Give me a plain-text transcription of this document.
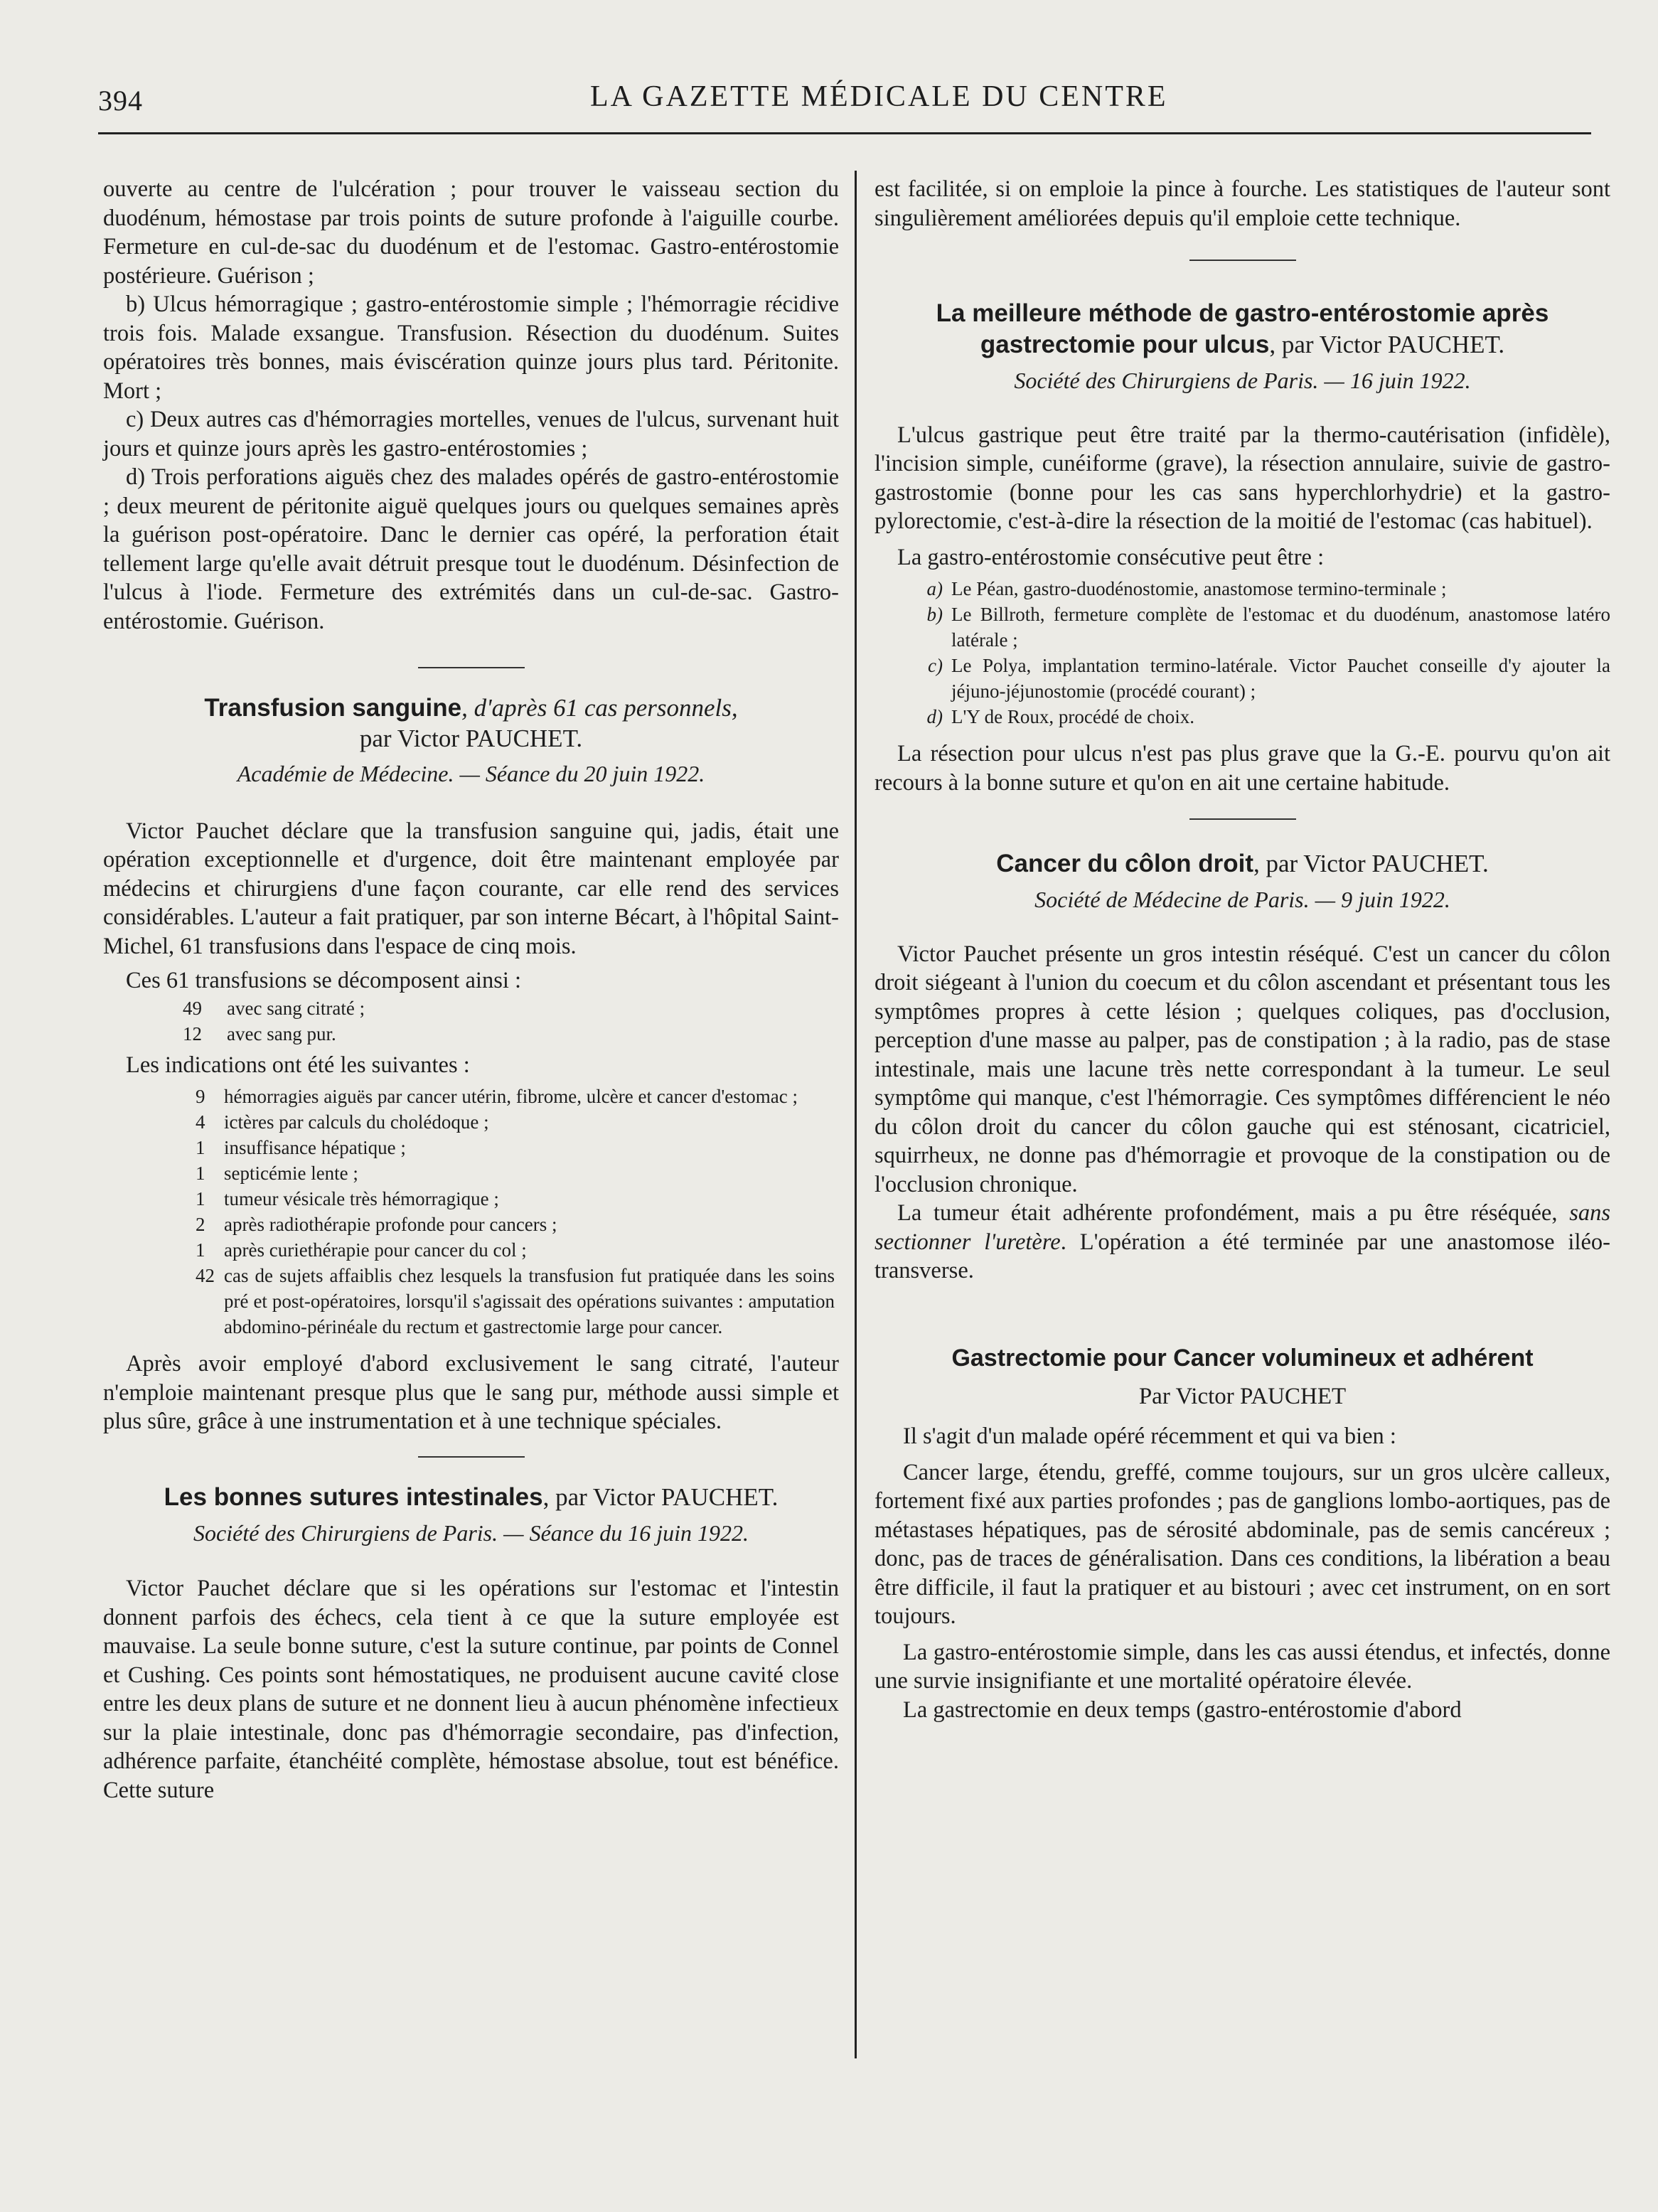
394	LA GAZETTE MÉDICALE DU CENTRE

ouverte au centre de l'ulcération ; pour trouver le vaisseau section du duodénum, hémostase par trois points de suture profonde à l'aiguille courbe. Fermeture en cul-de-sac du duodénum et de l'estomac. Gastro-entérostomie postérieure. Guérison ;

b) Ulcus hémorragique ; gastro-entérostomie simple ; l'hémorragie récidive trois fois. Malade exsangue. Transfusion. Résection du duodénum. Suites opératoires très bonnes, mais éviscération quinze jours plus tard. Péritonite. Mort ;

c) Deux autres cas d'hémorragies mortelles, venues de l'ulcus, survenant huit jours et quinze jours après les gastro-entérostomies ;

d) Trois perforations aiguës chez des malades opérés de gastro-entérostomie ; deux meurent de péritonite aiguë quelques jours ou quelques semaines après la guérison post-opératoire. Danc le dernier cas opéré, la perforation était tellement large qu'elle avait détruit presque tout le duodénum. Désinfection de l'ulcus à l'iode. Fermeture des extrémités dans un cul-de-sac. Gastro-entérostomie. Guérison.

Transfusion sanguine, d'après 61 cas personnels,
par Victor PAUCHET.
Académie de Médecine. — Séance du 20 juin 1922.

Victor Pauchet déclare que la transfusion sanguine qui, jadis, était une opération exceptionnelle et d'urgence, doit être maintenant employée par médecins et chirurgiens d'une façon courante, car elle rend des services considérables. L'auteur a fait pratiquer, par son interne Bécart, à l'hôpital Saint-Michel, 61 transfusions dans l'espace de cinq mois.

Ces 61 transfusions se décomposent ainsi :

49	avec sang citraté ;
12	avec sang pur.

Les indications ont été les suivantes :

9 hémorragies aiguës par cancer utérin, fibrome, ulcère et cancer d'estomac ;
4 ictères par calculs du cholédoque ;
1 insuffisance hépatique ;
1 septicémie lente ;
1 tumeur vésicale très hémorragique ;
2 après radiothérapie profonde pour cancers ;
1 après curiethérapie pour cancer du col ;
42 cas de sujets affaiblis chez lesquels la transfusion fut pratiquée dans les soins pré et post-opératoires, lorsqu'il s'agissait des opérations suivantes : amputation abdomino-périnéale du rectum et gastrectomie large pour cancer.

Après avoir employé d'abord exclusivement le sang citraté, l'auteur n'emploie maintenant presque plus que le sang pur, méthode aussi simple et plus sûre, grâce à une instrumentation et à une technique spéciales.

Les bonnes sutures intestinales, par Victor PAUCHET.
Société des Chirurgiens de Paris. — Séance du 16 juin 1922.

Victor Pauchet déclare que si les opérations sur l'estomac et l'intestin donnent parfois des échecs, cela tient à ce que la suture employée est mauvaise. La seule bonne suture, c'est la suture continue, par points de Connel et Cushing. Ces points sont hémostatiques, ne produisent aucune cavité close entre les deux plans de suture et ne donnent lieu à aucun phénomène infectieux sur la plaie intestinale, donc pas d'hémorragie secondaire, pas d'infection, adhérence parfaite, étanchéité complète, hémostase absolue, tout est bénéfice. Cette suture

est facilitée, si on emploie la pince à fourche. Les statistiques de l'auteur sont singulièrement améliorées depuis qu'il emploie cette technique.

La meilleure méthode de gastro-entérostomie après gastrectomie pour ulcus, par Victor PAUCHET.
Société des Chirurgiens de Paris. — 16 juin 1922.

L'ulcus gastrique peut être traité par la thermo-cautérisation (infidèle), l'incision simple, cunéiforme (grave), la résection annulaire, suivie de gastro-gastrostomie (bonne pour les cas sans hyperchlorhydrie) et la gastro-pylorectomie, c'est-à-dire la résection de la moitié de l'estomac (cas habituel).

La gastro-entérostomie consécutive peut être :

a) Le Péan, gastro-duodénostomie, anastomose termino-terminale ;
b) Le Billroth, fermeture complète de l'estomac et du duodénum, anastomose latéro latérale ;
c) Le Polya, implantation termino-latérale. Victor Pauchet conseille d'y ajouter la jéjuno-jéjunostomie (procédé courant) ;
d) L'Y de Roux, procédé de choix.

La résection pour ulcus n'est pas plus grave que la G.-E. pourvu qu'on ait recours à la bonne suture et qu'on en ait une certaine habitude.

Cancer du côlon droit, par Victor PAUCHET.
Société de Médecine de Paris. — 9 juin 1922.

Victor Pauchet présente un gros intestin réséqué. C'est un cancer du côlon droit siégeant à l'union du coecum et du côlon ascendant et présentant tous les symptômes propres à cette lésion ; quelques coliques, pas d'occlusion, perception d'une masse au palper, pas de constipation ; à la radio, pas de stase intestinale, mais une lacune très nette correspondant à la tumeur. Le seul symptôme qui manque, c'est l'hémorragie. Ces symptômes différencient le néo du côlon droit du cancer du côlon gauche qui est sténosant, cicatriciel, squirrheux, ne donne pas d'hémorragie et provoque de la constipation ou de l'occlusion chronique.

La tumeur était adhérente profondément, mais a pu être réséquée, sans sectionner l'uretère. L'opération a été terminée par une anastomose iléo-transverse.

Gastrectomie pour Cancer volumineux et adhérent
Par Victor PAUCHET

Il s'agit d'un malade opéré récemment et qui va bien :

Cancer large, étendu, greffé, comme toujours, sur un gros ulcère calleux, fortement fixé aux parties profondes ; pas de ganglions lombo-aortiques, pas de métastases hépatiques, pas de sérosité abdominale, pas de semis cancéreux ; donc, pas de traces de généralisation. Dans ces conditions, la libération a beau être difficile, il faut la pratiquer et au bistouri ; avec cet instrument, on en sort toujours.

La gastro-entérostomie simple, dans les cas aussi étendus, et infectés, donne une survie insignifiante et une mortalité opératoire élevée.

La gastrectomie en deux temps (gastro-entérostomie d'abord
